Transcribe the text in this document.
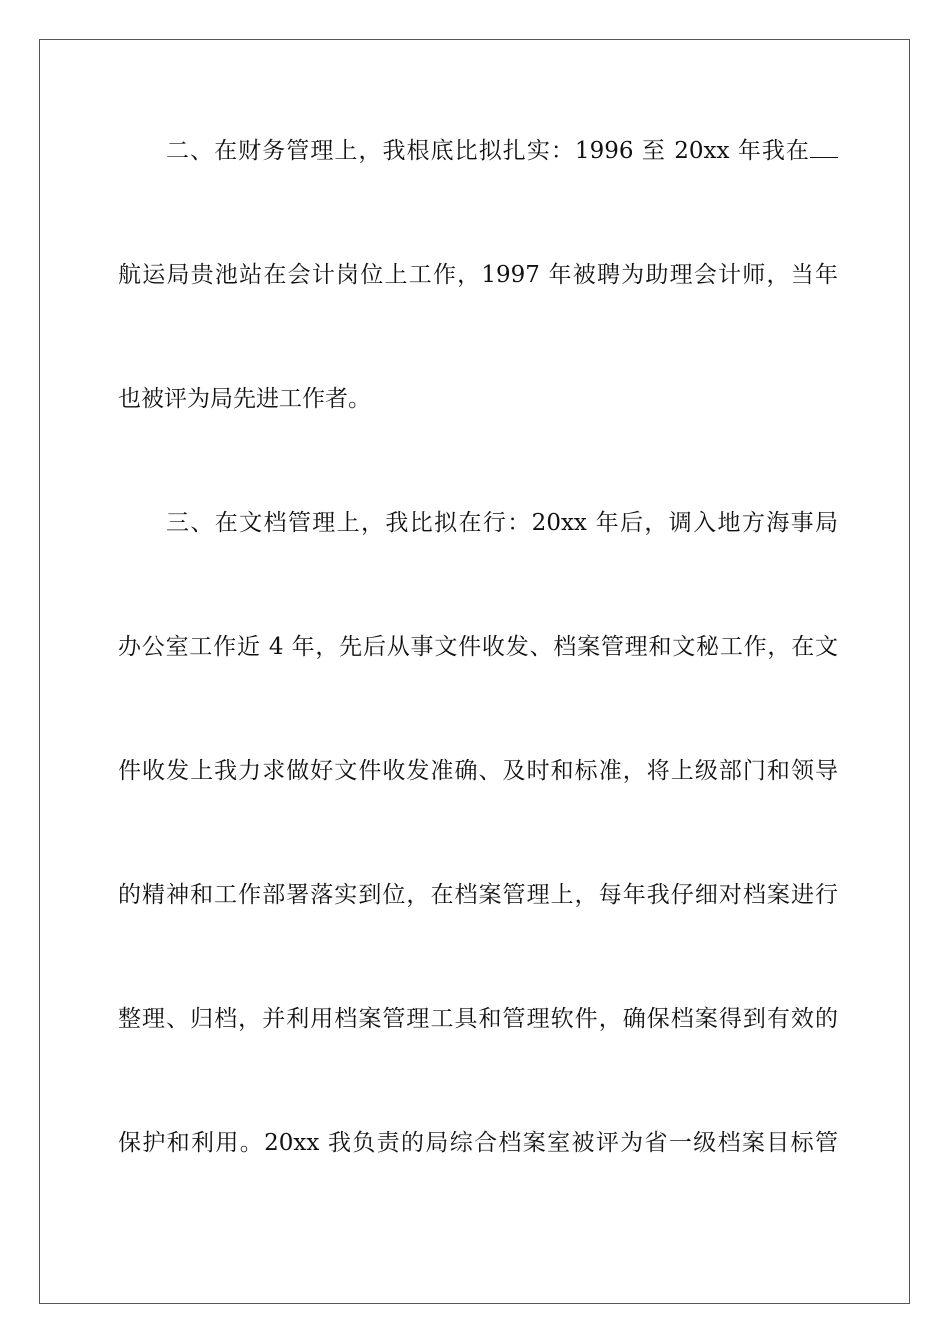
二、在财务管理上，我根底比拟扎实：1996 至 20xx 年我在
航运局贵池站在会计岗位上工作，1997 年被聘为助理会计师，当年
也被评为局先进工作者。
三、在文档管理上，我比拟在行：20xx 年后，调入地方海事局
办公室工作近 4 年，先后从事文件收发、档案管理和文秘工作，在文
件收发上我力求做好文件收发准确、及时和标准，将上级部门和领导
的精神和工作部署落实到位，在档案管理上，每年我仔细对档案进行
整理、归档，并利用档案管理工具和管理软件，确保档案得到有效的
保护和利用。20xx 我负责的局综合档案室被评为省一级档案目标管
